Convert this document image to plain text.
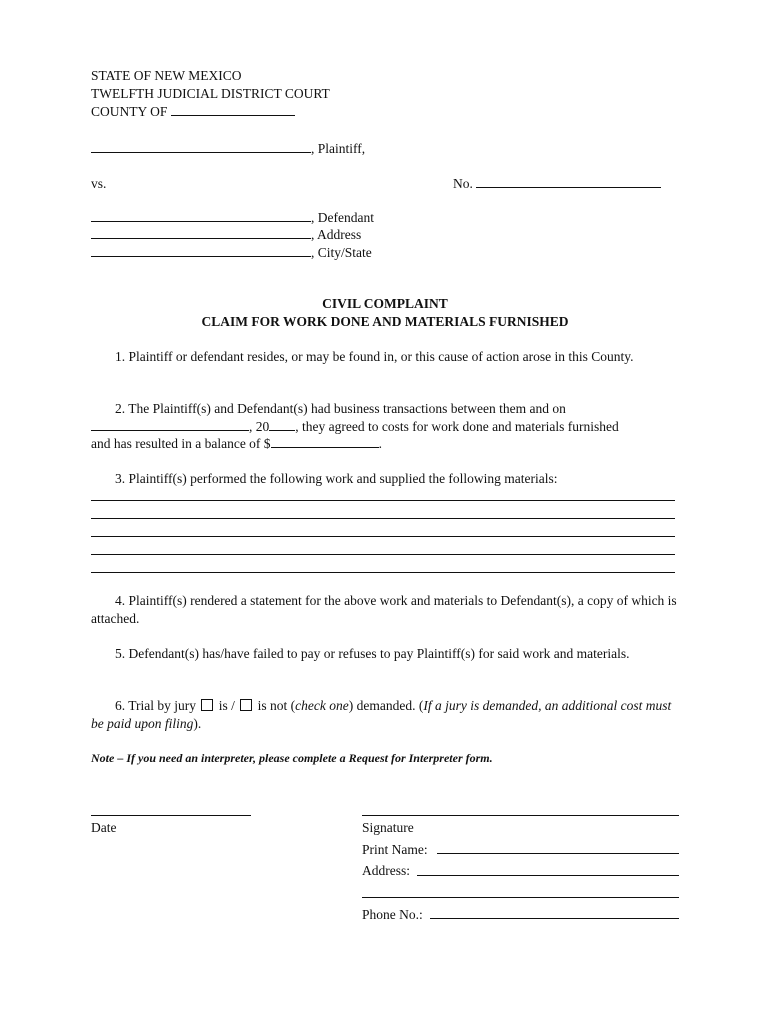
STATE OF NEW MEXICO
TWELFTH JUDICIAL DISTRICT COURT
COUNTY OF
, Plaintiff,
vs.	No.
, Defendant
, Address
, City/State
CIVIL COMPLAINT
CLAIM FOR WORK DONE AND MATERIALS FURNISHED
1. Plaintiff or defendant resides, or may be found in, or this cause of action arose in this County.
2. The Plaintiff(s) and Defendant(s) had business transactions between them and on
, 20 , they agreed to costs for work done and materials furnished
and has resulted in a balance of $	.
3. Plaintiff(s) performed the following work and supplied the following materials:
4. Plaintiff(s) rendered a statement for the above work and materials to Defendant(s), a copy of which is attached.
5. Defendant(s) has/have failed to pay or refuses to pay Plaintiff(s) for said work and materials.
6. Trial by jury is / is not (check one) demanded. (If a jury is demanded, an additional cost must be paid upon filing).
Note – If you need an interpreter, please complete a Request for Interpreter form.
Date	Signature
Print Name:
Address:
Phone No.:
